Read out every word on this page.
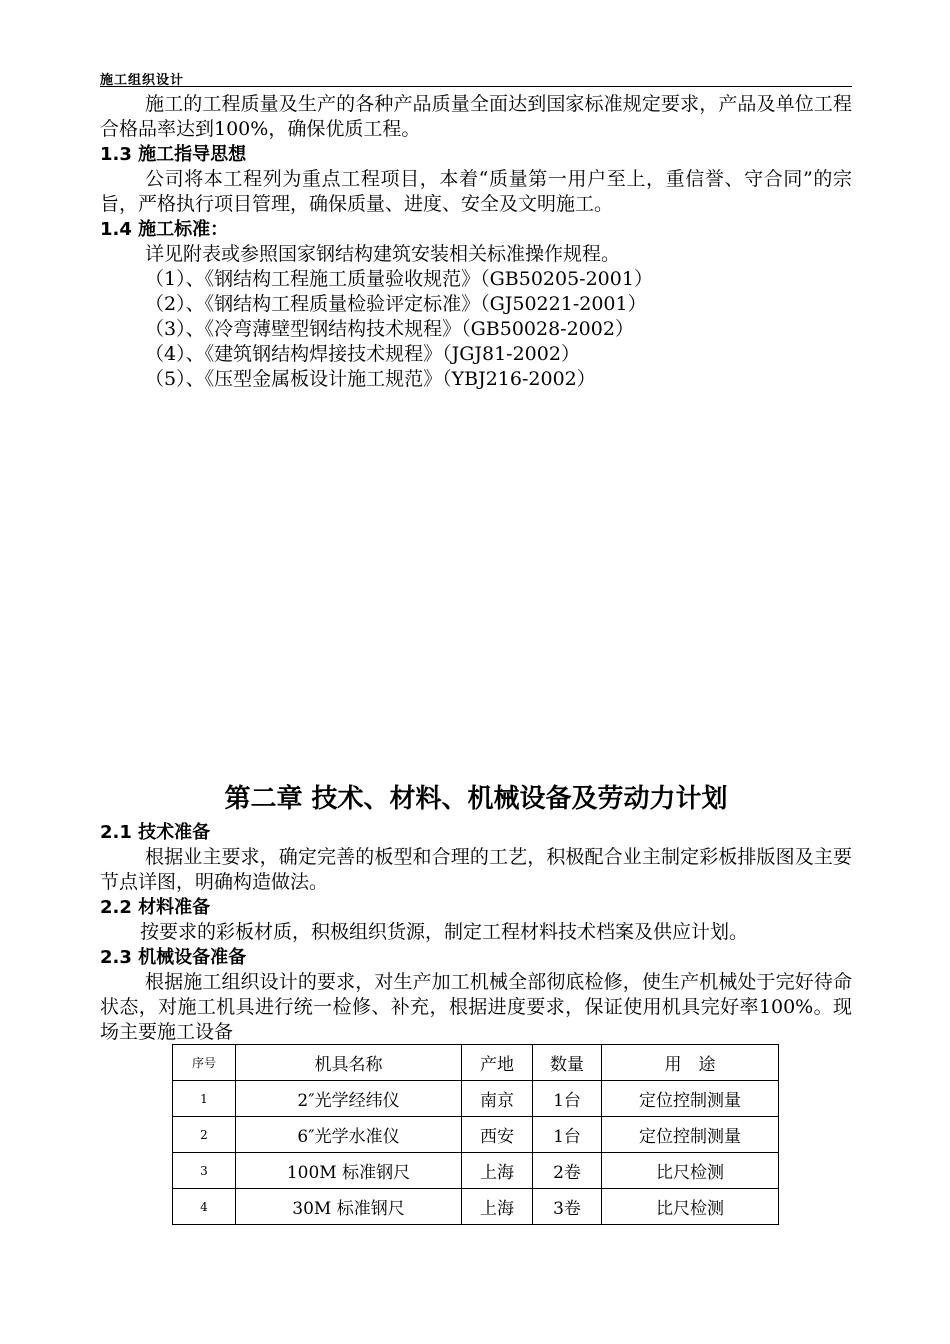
施工组织设计

施工的工程质量及生产的各种产品质量全面达到国家标准规定要求，产品及单位工程合格品率达到100%，确保优质工程。

1.3 施工指导思想

公司将本工程列为重点工程项目，本着“质量第一用户至上，重信誉、守合同”的宗旨，严格执行项目管理，确保质量、进度、安全及文明施工。

1.4 施工标准：

详见附表或参照国家钢结构建筑安装相关标准操作规程。

（1）、《钢结构工程施工质量验收规范》（GB50205-2001）

（2）、《钢结构工程质量检验评定标准》（GJ50221-2001）

（3）、《冷弯薄壁型钢结构技术规程》（GB50028-2002）

（4）、《建筑钢结构焊接技术规程》（JGJ81-2002）

（5）、《压型金属板设计施工规范》（YBJ216-2002）

第二章 技术、材料、机械设备及劳动力计划

2.1 技术准备

根据业主要求，确定完善的板型和合理的工艺，积极配合业主制定彩板排版图及主要节点详图，明确构造做法。

2.2 材料准备

按要求的彩板材质，积极组织货源，制定工程材料技术档案及供应计划。

2.3 机械设备准备

根据施工组织设计的要求，对生产加工机械全部彻底检修，使生产机械处于完好待命状态，对施工机具进行统一检修、补充，根据进度要求，保证使用机具完好率100%。现场主要施工设备

序号	机具名称	产地	数量	用　途
1	2″光学经纬仪	南京	1台	定位控制测量
2	6″光学水准仪	西安	1台	定位控制测量
3	100M 标准钢尺	上海	2卷	比尺检测
4	30M 标准钢尺	上海	3卷	比尺检测
